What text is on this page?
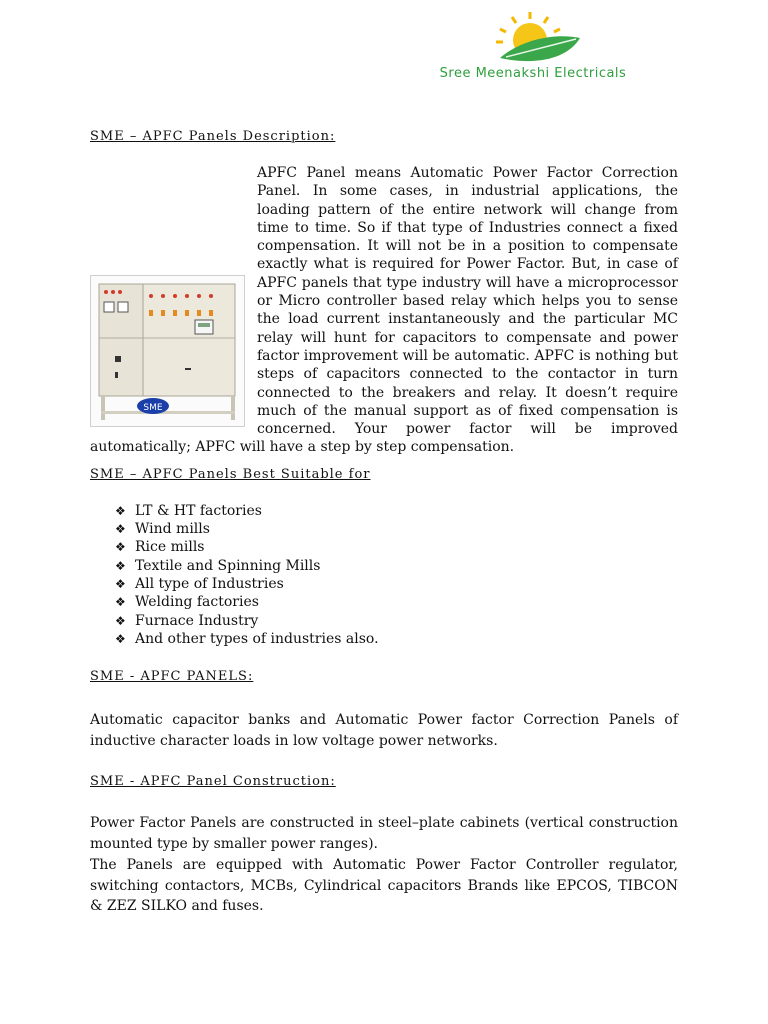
Sree Meenakshi Electricals
SME – APFC Panels Description:

SME
APFC Panel means Automatic Power Factor Correction Panel. In some cases, in industrial applications, the loading pattern of the entire network will change from time to time. So if that type of Industries connect a fixed compensation. It will not be in a position to compensate exactly what is required for Power Factor. But, in case of APFC panels that type industry will have a microprocessor or Micro controller based relay which helps you to sense the load current instantaneously and the particular MC relay will hunt for capacitors to compensate and power factor improvement will be automatic. APFC is nothing but steps of capacitors connected to the contactor in turn connected to the breakers and relay. It doesn’t require much of the manual support as of fixed compensation is concerned. Your power factor will be improved automatically; APFC will have a step by step compensation.

SME – APFC Panels Best Suitable for
❖ LT & HT factories
❖ Wind mills
❖ Rice mills
❖ Textile and Spinning Mills
❖ All type of Industries
❖ Welding factories
❖ Furnace Industry
❖ And other types of industries also.
SME - APFC PANELS:

Automatic capacitor banks and Automatic Power factor Correction Panels of inductive character loads in low voltage power networks.

SME - APFC Panel Construction:

Power Factor Panels are constructed in steel–plate cabinets (vertical construction mounted type by smaller power ranges).

The Panels are equipped with Automatic Power Factor Controller regulator, switching contactors, MCBs, Cylindrical capacitors Brands like EPCOS, TIBCON & ZEZ SILKO and fuses.
